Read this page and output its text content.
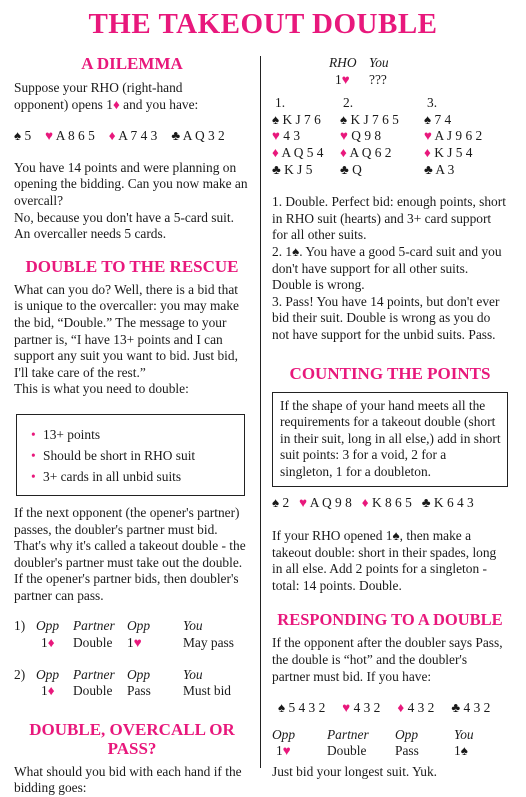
THE TAKEOUT DOUBLE
A DILEMMA

Suppose your RHO (right-hand
opponent) opens 1♦ and you have:

♠ 5 ♥ A 8 6 5 ♦ A 7 4 3 ♣ A Q 3 2

You have 14 points and were planning on opening the bidding. Can you now make an overcall?

No, because you don't have a 5-card suit. An overcaller needs 5 cards.

DOUBLE TO THE RESCUE

What can you do? Well, there is a bid that is unique to the overcaller: you may make the bid, “Double.” The message to your partner is, “I have 13+ points and I can support any suit you want to bid. Just bid, I'll take care of the rest.”

This is what you need to double:

• 13+ points
• Should be short in RHO suit
• 3+ cards in all unbid suits

If the next opponent (the opener's partner) passes, the doubler's partner must bid. That's why it's called a takeout double - the doubler's partner must take out the double. If the opener's partner bids, then doubler's partner can pass.

1) Opp	Partner Opp	You
1♦	Double	1♥	May pass
2) Opp	Partner Opp	You
1♦	Double	Pass	Must bid
DOUBLE, OVERCALL OR
PASS?

What should you bid with each hand if the bidding goes:

RHO You
1♥	???
1.	2.	3.
♠ K J 7 6	♠ K J 7 6 5	♠ 7 4
♥ 4 3	♥ Q 9 8	♥ A J 9 6 2
♦ A Q 5 4	♦ A Q 6 2	♦ K J 5 4
♣ K J 5	♣ Q	♣ A 3

1. Double. Perfect bid: enough points, short in RHO suit (hearts) and 3+ card support for all other suits.

2. 1♠. You have a good 5-card suit and you don't have support for all other suits. Double is wrong.

3. Pass! You have 14 points, but don't ever bid their suit. Double is wrong as you do not have support for the unbid suits. Pass.

COUNTING THE POINTS

If the shape of your hand meets all the requirements for a takeout double (short in their suit, long in all else,) add in short suit points: 3 for a void, 2 for a singleton, 1 for a doubleton.

♠ 2 ♥ A Q 9 8 ♦ K 8 6 5 ♣ K 6 4 3

If your RHO opened 1♠, then make a takeout double: short in their spades, long in all else. Add 2 points for a singleton - total: 14 points. Double.

RESPONDING TO A DOUBLE

If the opponent after the doubler says Pass, the double is “hot” and the doubler's partner must bid. If you have:

♠ 5 4 3 2 ♥ 4 3 2 ♦ 4 3 2 ♣ 4 3 2
Opp	Partner	Opp	You
1♥	Double	Pass	1♠

Just bid your longest suit. Yuk.
